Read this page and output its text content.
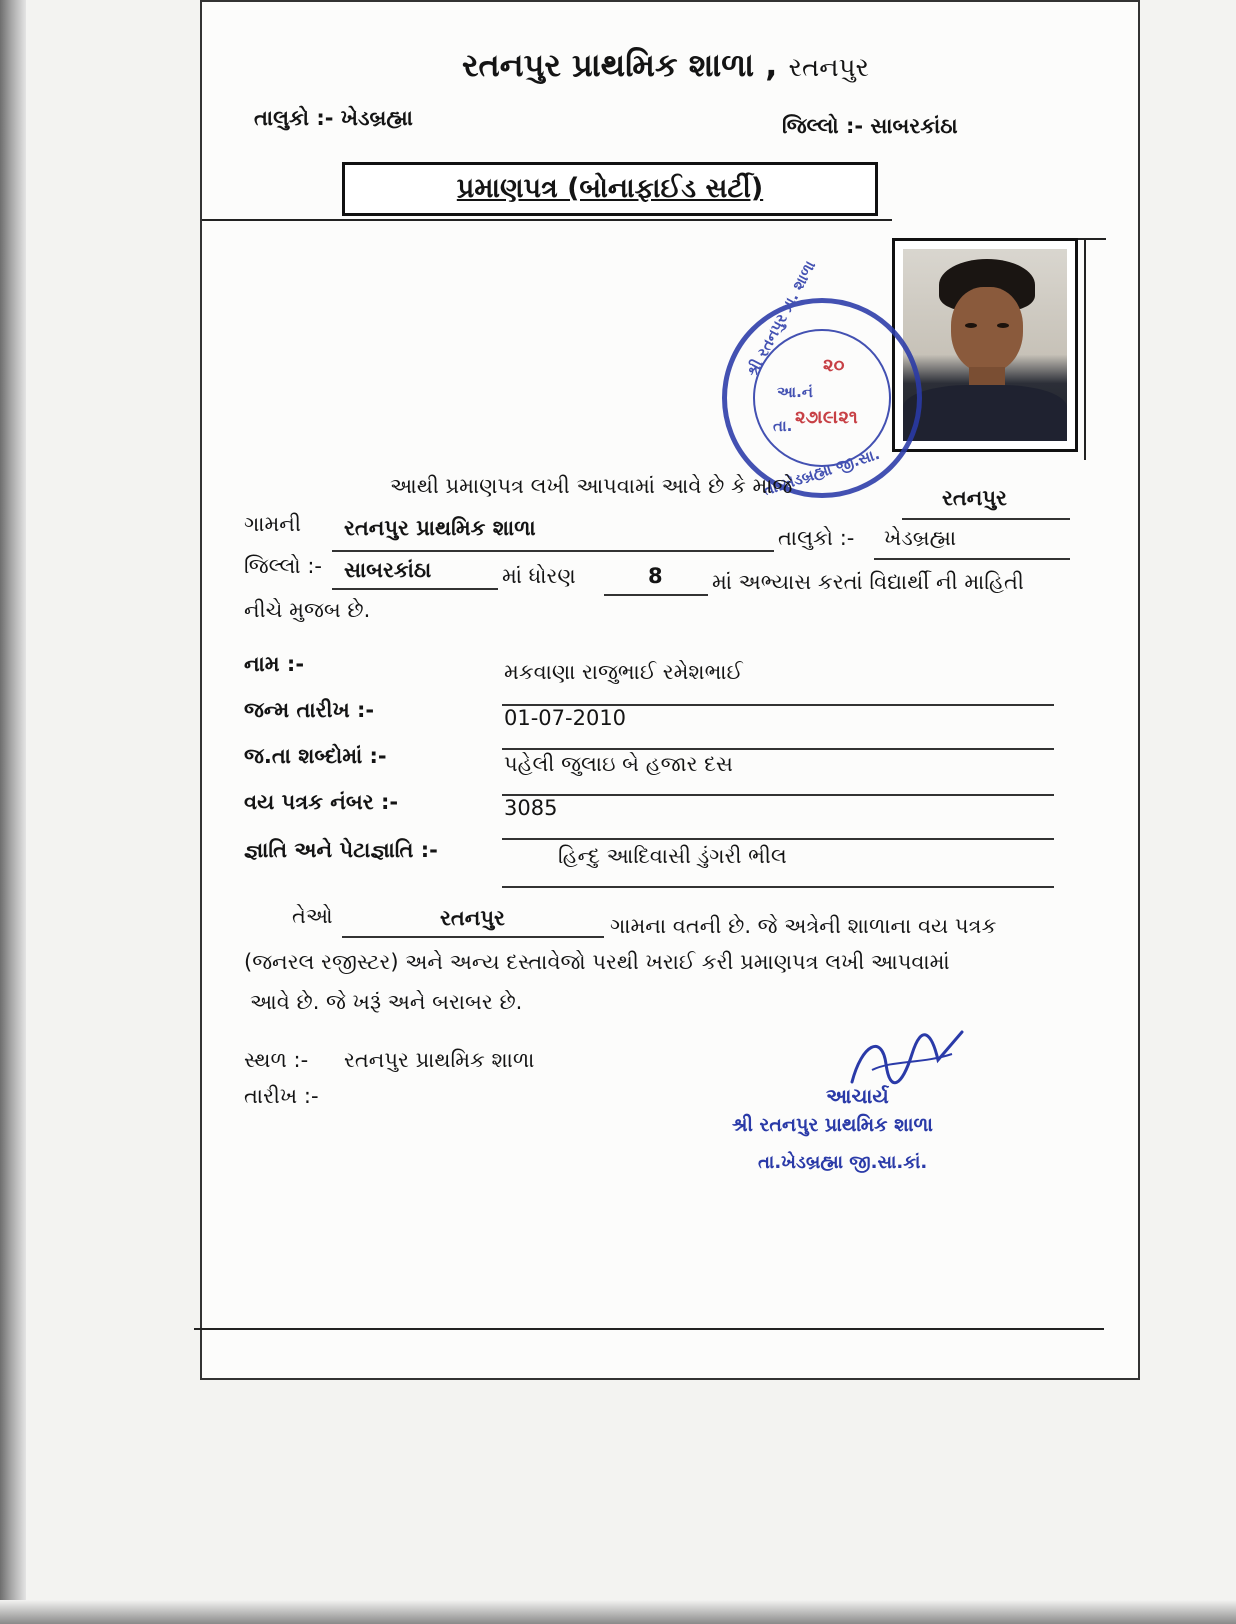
રતનપુર પ્રાથમિક શાળા , રતનપુર
તાલુકો :- ખેડબ્રહ્મા	જિલ્લો :- સાબરકાંઠા
પ્રમાણપત્ર (બોનાફાઈડ સર્ટી)
શ્રી રતનપુર પ્રા. શાળા
તા.ખેડબ્રહ્મા જી.સા.
૨૦
આ.નં
તા. ૨૭।૯।૨૧
આથી પ્રમાણપત્ર લખી આપવામાં આવે છે કે માજે	રતનપુર
ગામની રતનપુર પ્રાથમિક શાળા	તાલુકો :- ખેડબ્રહ્મા
જિલ્લો :- સાબરકાંઠા	માં ધોરણ	8 માં અભ્યાસ કરતાં વિદ્યાર્થી ની માહિતી
નીચે મુજબ છે.
નામ :-	મકવાણા રાજુભાઈ રમેશભાઈ
જન્મ તારીખ :-	01-07-2010
જ.તા શબ્દોમાં :-	પહેલી જુલાઇ બે હજાર દસ
વય પત્રક નંબર :-	3085
જ્ઞાતિ અને પેટાજ્ઞાતિ :-	હિન્દુ આદિવાસી ડુંગરી ભીલ
તેઓ	રતનપુર	ગામના વતની છે. જે અત્રેની શાળાના વય પત્રક
(જનરલ રજીસ્ટર) અને અન્ય દસ્તાવેજો પરથી ખરાઈ કરી પ્રમાણપત્ર લખી આપવામાં
આવે છે. જે ખરૂં અને બરાબર છે.
સ્થળ :- રતનપુર પ્રાથમિક શાળા
તારીખ :-	આચાર્ય
શ્રી રતનપુર પ્રાથમિક શાળા
તા.ખેડબ્રહ્મા જી.સા.કાં.
